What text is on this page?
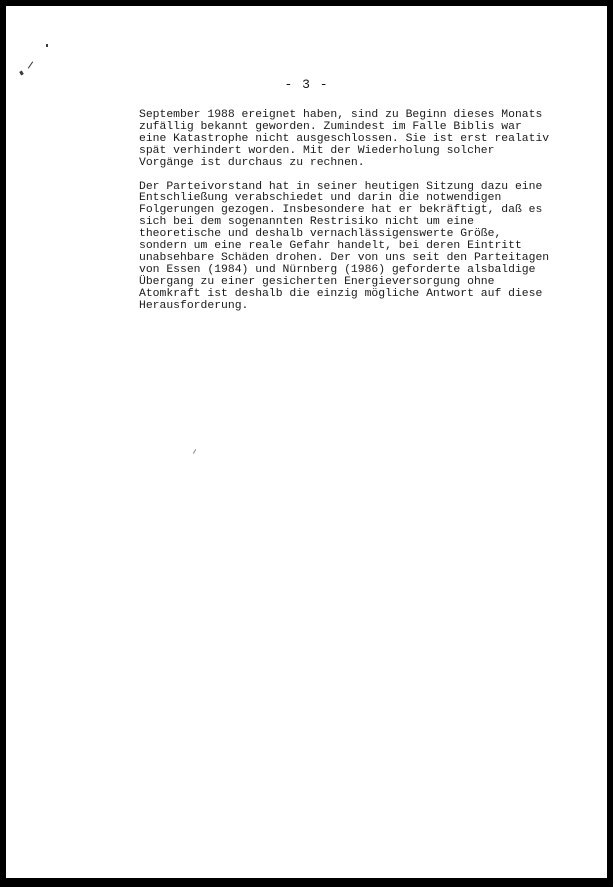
- 3 -

September 1988 ereignet haben, sind zu Beginn dieses Monats
zufällig bekannt geworden. Zumindest im Falle Biblis war
eine Katastrophe nicht ausgeschlossen. Sie ist erst realativ
spät verhindert worden. Mit der Wiederholung solcher
Vorgänge ist durchaus zu rechnen.

Der Parteivorstand hat in seiner heutigen Sitzung dazu eine
Entschließung verabschiedet und darin die notwendigen
Folgerungen gezogen. Insbesondere hat er bekräftigt, daß es
sich bei dem sogenannten Restrisiko nicht um eine
theoretische und deshalb vernachlässigenswerte Größe,
sondern um eine reale Gefahr handelt, bei deren Eintritt
unabsehbare Schäden drohen. Der von uns seit den Parteitagen
von Essen (1984) und Nürnberg (1986) geforderte alsbaldige
Übergang zu einer gesicherten Energieversorgung ohne
Atomkraft ist deshalb die einzig mögliche Antwort auf diese
Herausforderung.
